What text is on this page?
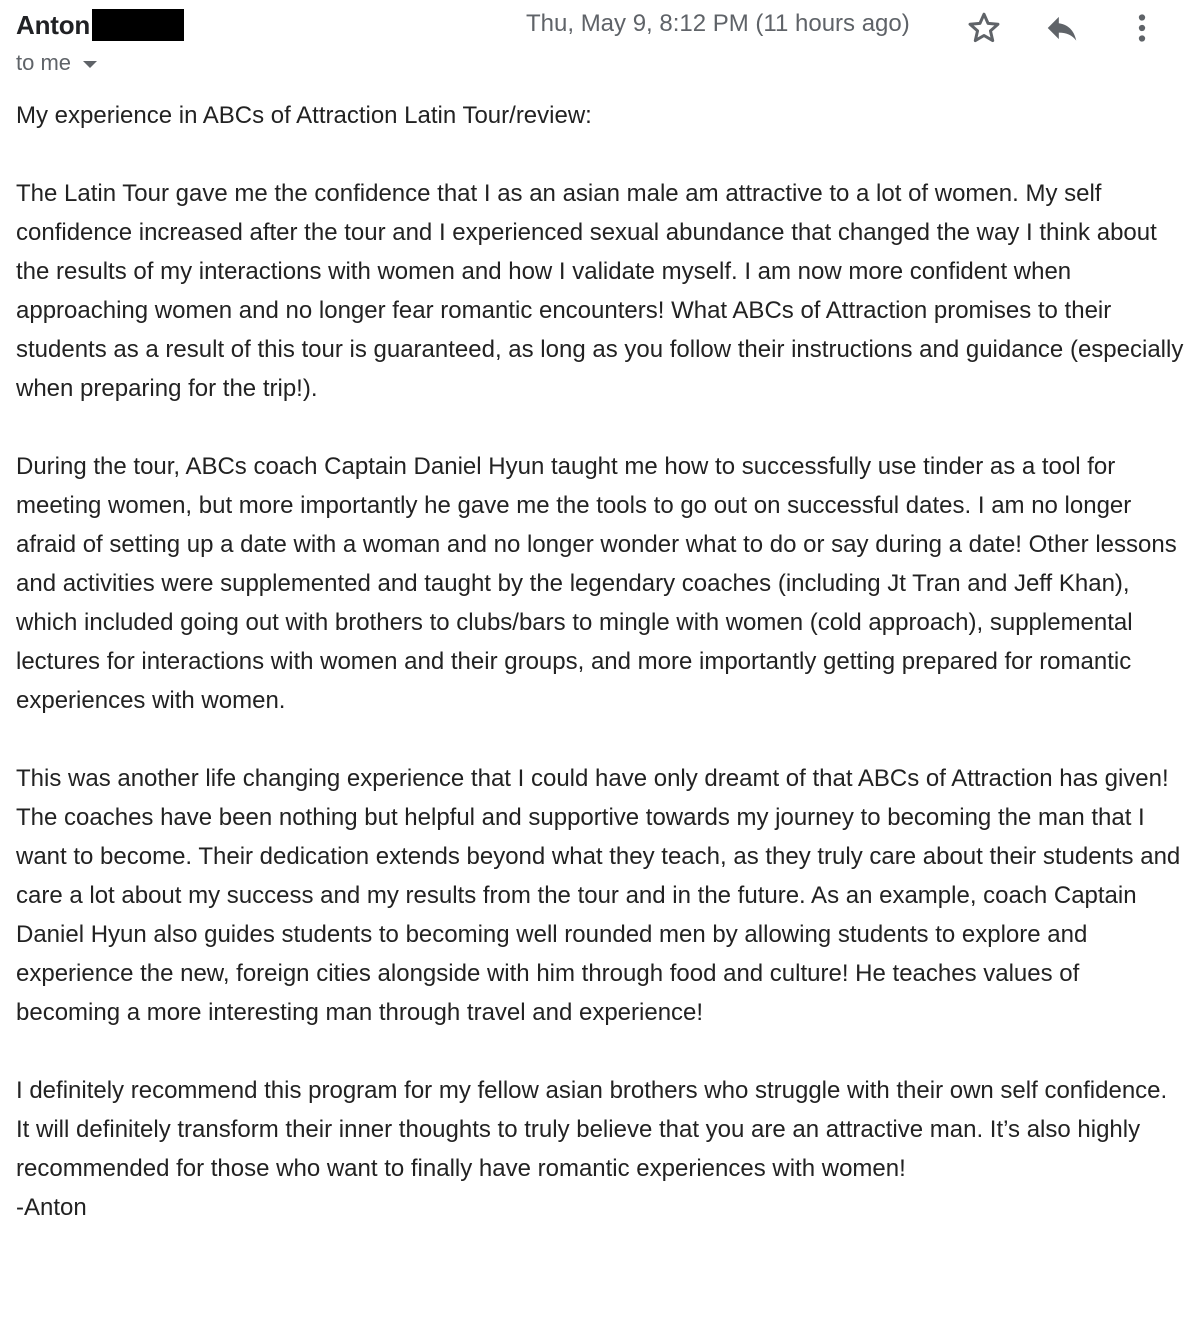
Anton
to me
Thu, May 9, 8:12 PM (11 hours ago)

My experience in ABCs of Attraction Latin Tour/review:

The Latin Tour gave me the confidence that I as an asian male am attractive to a lot of women. My self confidence increased after the tour and I experienced sexual abundance that changed the way I think about the results of my interactions with women and how I validate myself. I am now more confident when approaching women and no longer fear romantic encounters! What ABCs of Attraction promises to their students as a result of this tour is guaranteed, as long as you follow their instructions and guidance (especially when preparing for the trip!).

During the tour, ABCs coach Captain Daniel Hyun taught me how to successfully use tinder as a tool for meeting women, but more importantly he gave me the tools to go out on successful dates. I am no longer afraid of setting up a date with a woman and no longer wonder what to do or say during a date! Other lessons and activities were supplemented and taught by the legendary coaches (including Jt Tran and Jeff Khan), which included going out with brothers to clubs/bars to mingle with women (cold approach), supplemental lectures for interactions with women and their groups, and more importantly getting prepared for romantic experiences with women.

This was another life changing experience that I could have only dreamt of that ABCs of Attraction has given! The coaches have been nothing but helpful and supportive towards my journey to becoming the man that I want to become. Their dedication extends beyond what they teach, as they truly care about their students and care a lot about my success and my results from the tour and in the future. As an example, coach Captain Daniel Hyun also guides students to becoming well rounded men by allowing students to explore and experience the new, foreign cities alongside with him through food and culture! He teaches values of becoming a more interesting man through travel and experience!

I definitely recommend this program for my fellow asian brothers who struggle with their own self confidence. It will definitely transform their inner thoughts to truly believe that you are an attractive man. It’s also highly recommended for those who want to finally have romantic experiences with women!

-Anton
